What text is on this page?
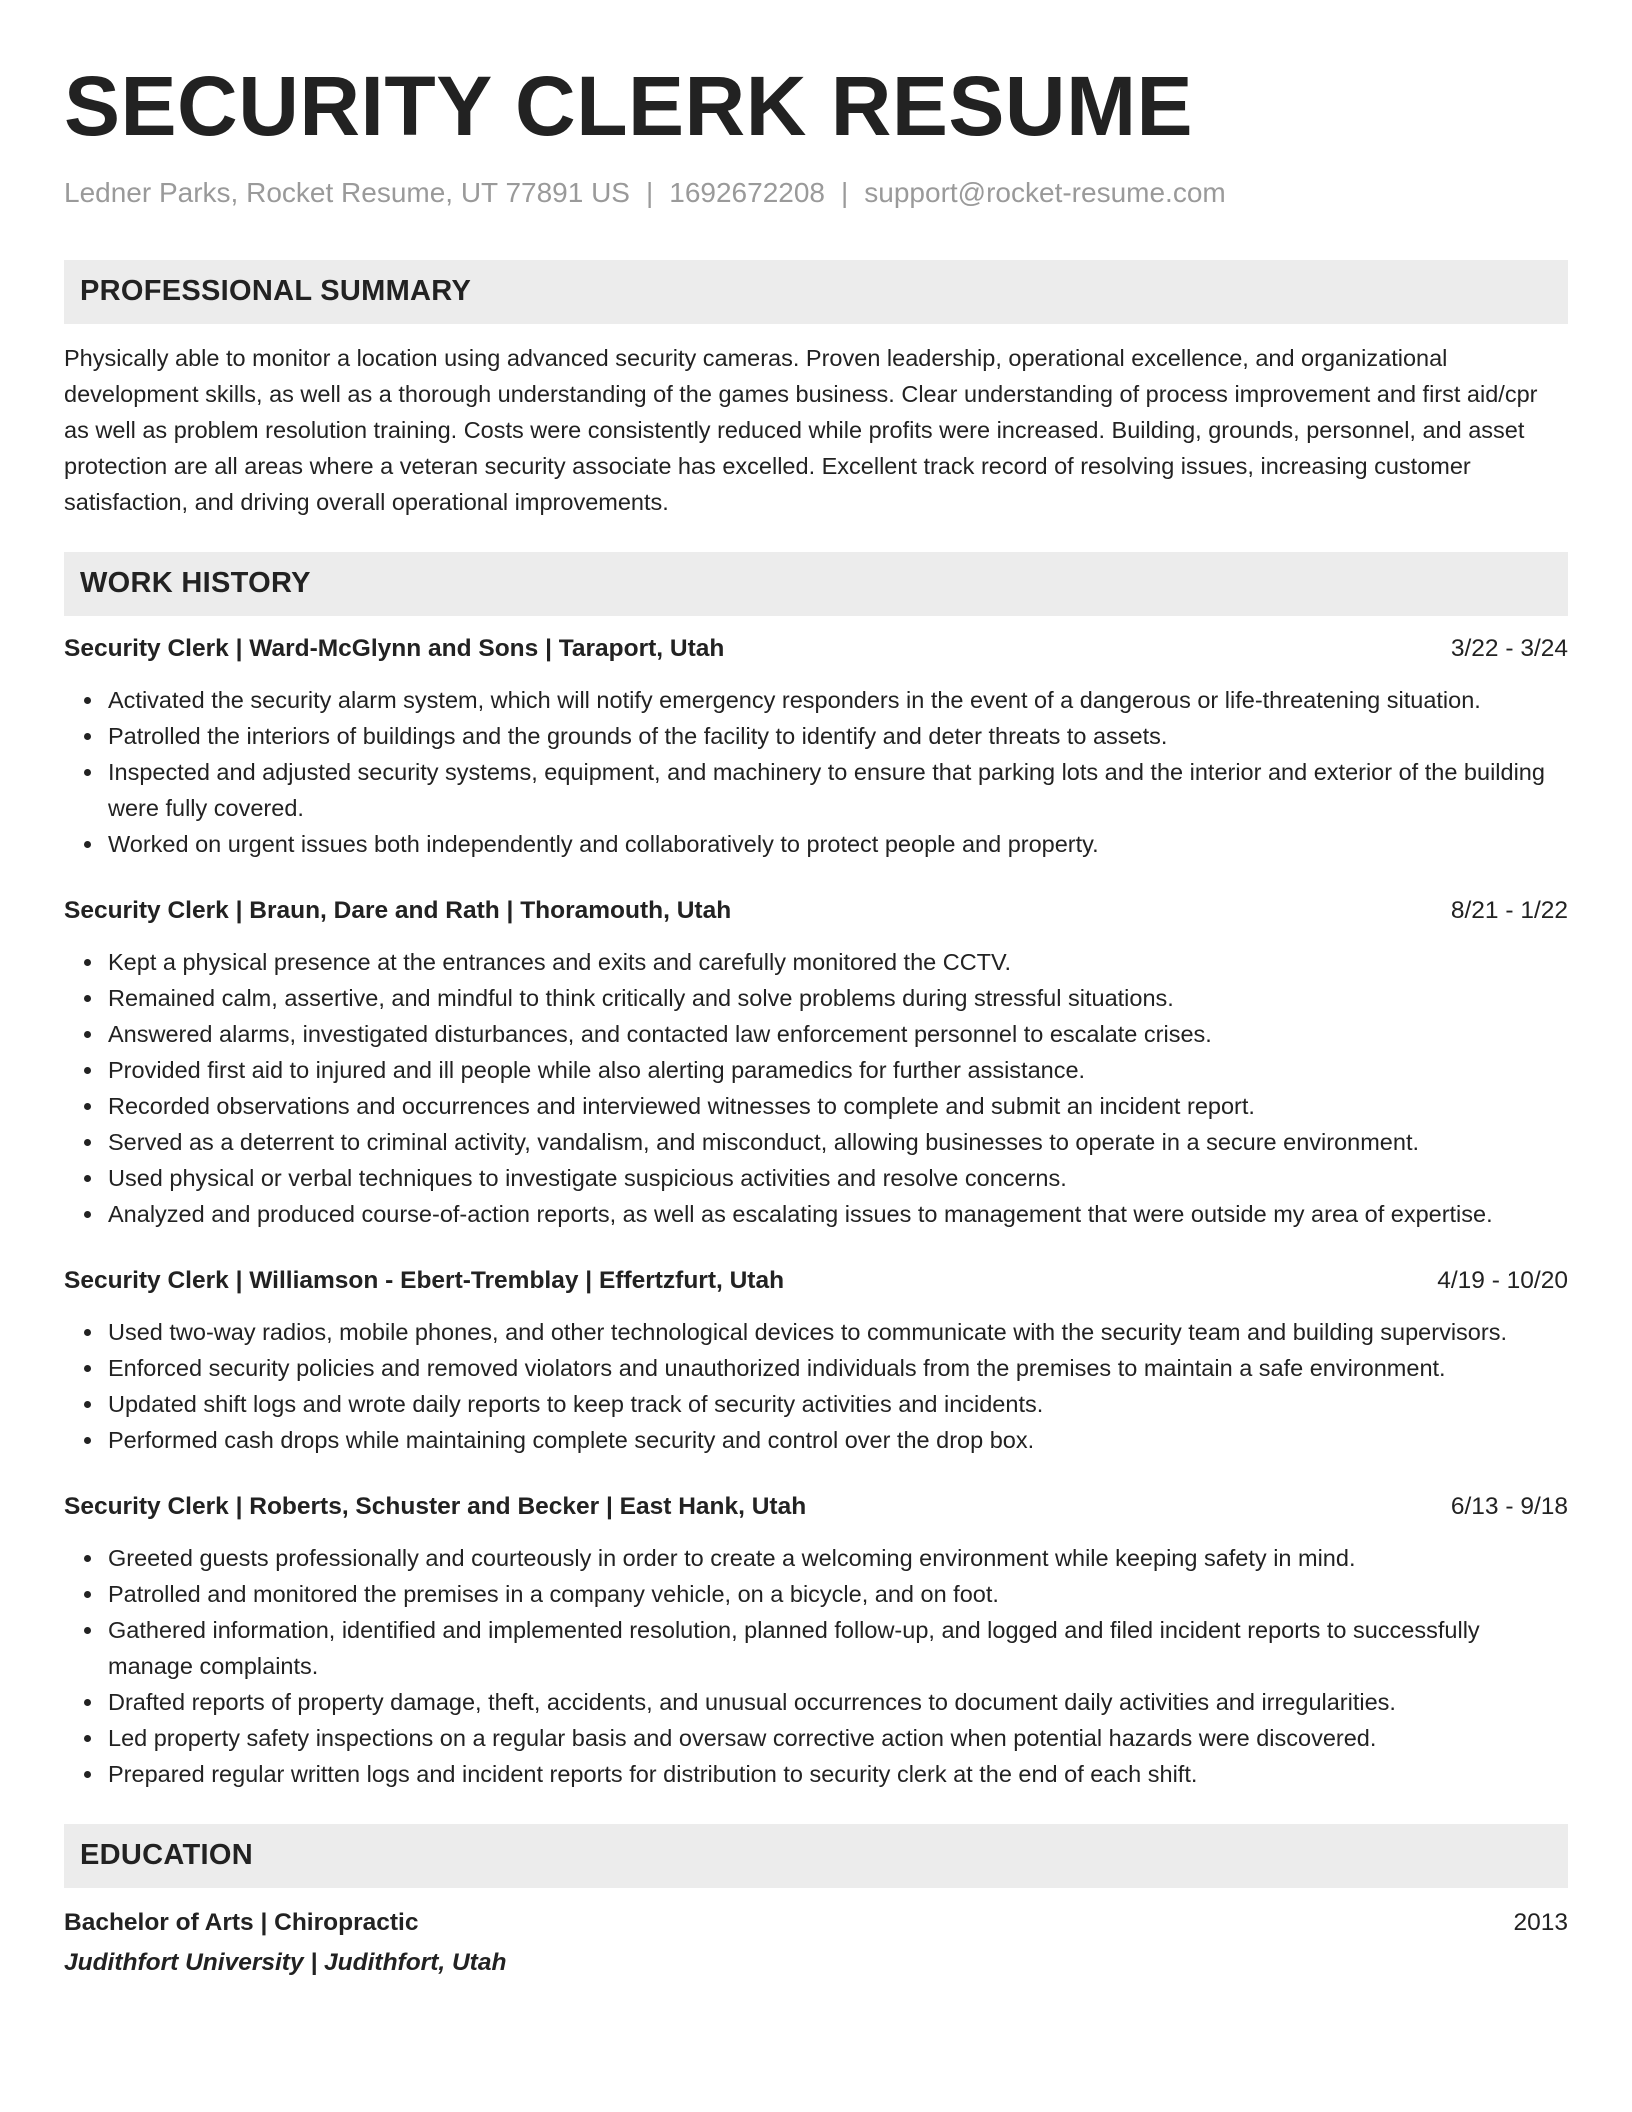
SECURITY CLERK RESUME
Ledner Parks, Rocket Resume, UT 77891 US | 1692672208 | support@rocket-resume.com
PROFESSIONAL SUMMARY
Physically able to monitor a location using advanced security cameras. Proven leadership, operational excellence, and organizational development skills, as well as a thorough understanding of the games business. Clear understanding of process improvement and first aid/cpr as well as problem resolution training. Costs were consistently reduced while profits were increased. Building, grounds, personnel, and asset protection are all areas where a veteran security associate has excelled. Excellent track record of resolving issues, increasing customer satisfaction, and driving overall operational improvements.
WORK HISTORY
Security Clerk | Ward-McGlynn and Sons | Taraport, Utah	3/22 - 3/24
Activated the security alarm system, which will notify emergency responders in the event of a dangerous or life-threatening situation.
Patrolled the interiors of buildings and the grounds of the facility to identify and deter threats to assets.
Inspected and adjusted security systems, equipment, and machinery to ensure that parking lots and the interior and exterior of the building were fully covered.
Worked on urgent issues both independently and collaboratively to protect people and property.
Security Clerk | Braun, Dare and Rath | Thoramouth, Utah	8/21 - 1/22
Kept a physical presence at the entrances and exits and carefully monitored the CCTV.
Remained calm, assertive, and mindful to think critically and solve problems during stressful situations.
Answered alarms, investigated disturbances, and contacted law enforcement personnel to escalate crises.
Provided first aid to injured and ill people while also alerting paramedics for further assistance.
Recorded observations and occurrences and interviewed witnesses to complete and submit an incident report.
Served as a deterrent to criminal activity, vandalism, and misconduct, allowing businesses to operate in a secure environment.
Used physical or verbal techniques to investigate suspicious activities and resolve concerns.
Analyzed and produced course-of-action reports, as well as escalating issues to management that were outside my area of expertise.
Security Clerk | Williamson - Ebert-Tremblay | Effertzfurt, Utah	4/19 - 10/20
Used two-way radios, mobile phones, and other technological devices to communicate with the security team and building supervisors.
Enforced security policies and removed violators and unauthorized individuals from the premises to maintain a safe environment.
Updated shift logs and wrote daily reports to keep track of security activities and incidents.
Performed cash drops while maintaining complete security and control over the drop box.
Security Clerk | Roberts, Schuster and Becker | East Hank, Utah	6/13 - 9/18
Greeted guests professionally and courteously in order to create a welcoming environment while keeping safety in mind.
Patrolled and monitored the premises in a company vehicle, on a bicycle, and on foot.
Gathered information, identified and implemented resolution, planned follow-up, and logged and filed incident reports to successfully manage complaints.
Drafted reports of property damage, theft, accidents, and unusual occurrences to document daily activities and irregularities.
Led property safety inspections on a regular basis and oversaw corrective action when potential hazards were discovered.
Prepared regular written logs and incident reports for distribution to security clerk at the end of each shift.
EDUCATION
Bachelor of Arts | Chiropractic	2013
Judithfort University | Judithfort, Utah
